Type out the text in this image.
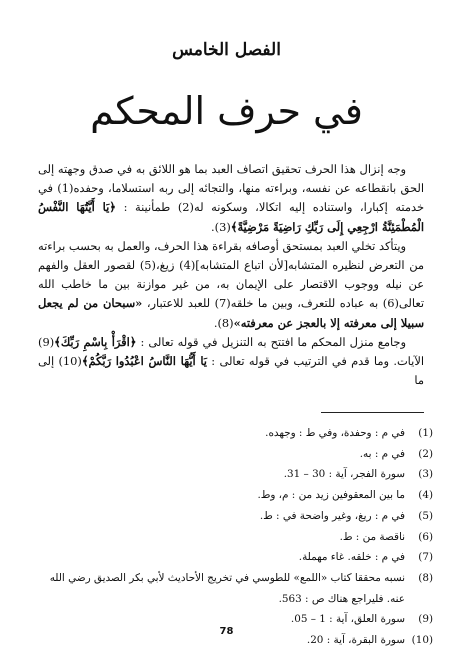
الفصل الخامس
في حرف المحكم

وجه إنزال هذا الحرف تحقيق اتصاف العبد بما هو اللائق به في صدق وجهته إلى الحق بانقطاعه عن نفسه، وبراءته منها، والتجائه إلى ربه استسلاما، وحفده(1) في خدمته إكبارا، واستناده إليه اتكالا، وسكونه له(2) طمأنينة : ﴿يَا أَيَّتُهَا النَّفْسُ الْمُطْمَئِنَّةُ ارْجِعِي إِلَى رَبِّكِ رَاضِيَةً مَرْضِيَّةً﴾(3).

ويتأكد تخلي العبد بمستحق أوصافه بقراءة هذا الحرف، والعمل به بحسب براءته من التعرض لنظيره المتشابه[لأن اتباع المتشابه](4) زيغ،(5) لقصور العقل والفهم عن نيله ووجوب الاقتصار على الإيمان به، من غير موازنة بين ما خاطب الله تعالى(6) به عباده للتعرف، وبين ما خلقه(7) للعبد للاعتبار، «سبحان من لم يجعل سبيلا إلى معرفته إلا بالعجز عن معرفته»(8).

وجامع منزل المحكم ما افتتح به التنزيل في قوله تعالى : ﴿اقْرَأْ بِاسْمِ رَبِّكَ﴾(9) الآيات. وما قدم في الترتيب في قوله تعالى : يَا أَيُّهَا النَّاسُ اعْبُدُوا رَبَّكُمْ﴾(10) إلى ما

(1)
في م : وحفدة، وفي ط : وجهده.
(2)
في م : به.
(3)
سورة الفجر، آية : 30 – 31.
(4)
ما بين المعقوفين زيد من : م، وط.
(5)
في م : ريغ، وغير واضحة في : ط.
(6)
ناقصة من : ط.
(7)
في م : خلقه. غاء مهملة.
(8)
نسبه محققا كتاب «اللمع» للطوسي في تخريج الأحاديث لأبي بكر الصديق رضي الله عنه. فليراجع هناك ص : 563.
(9)
سورة العلق، آية : 1 – 05.
(10)
سورة البقرة، آية : 20.
78
